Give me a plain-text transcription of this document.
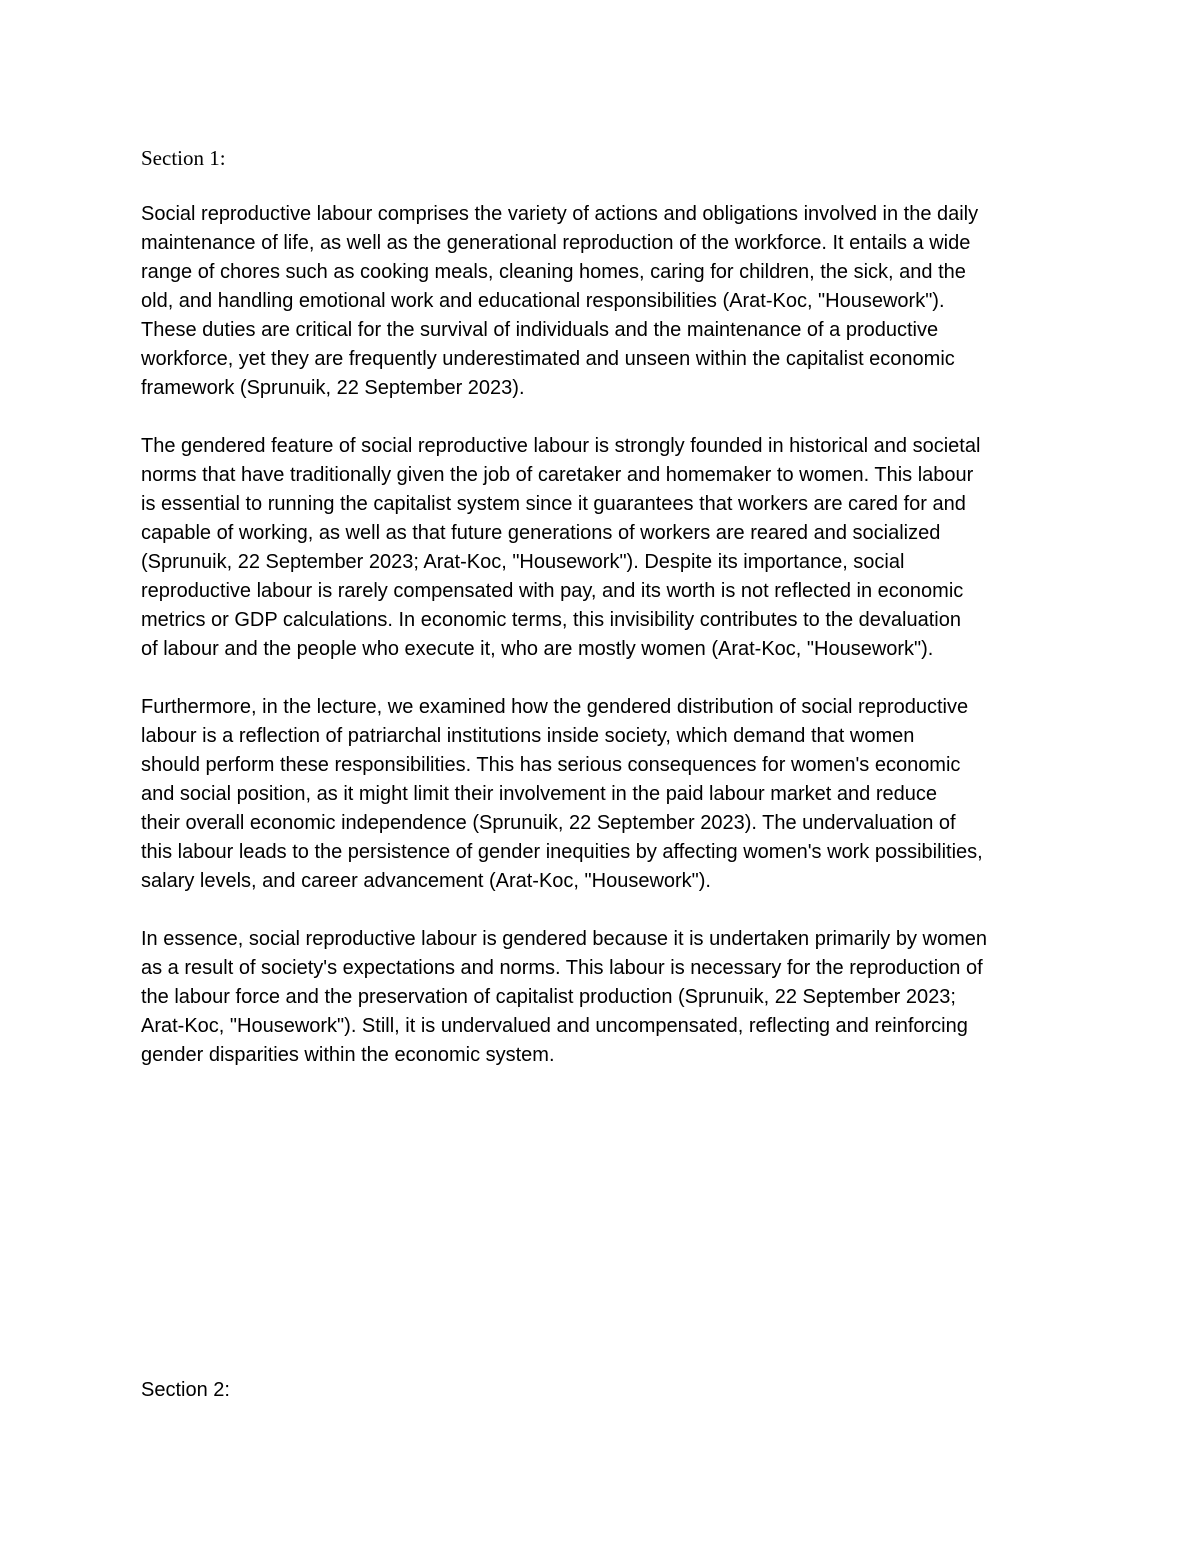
Section 1:

Social reproductive labour comprises the variety of actions and obligations involved in the daily
maintenance of life, as well as the generational reproduction of the workforce. It entails a wide
range of chores such as cooking meals, cleaning homes, caring for children, the sick, and the
old, and handling emotional work and educational responsibilities (Arat-Koc, "Housework").
These duties are critical for the survival of individuals and the maintenance of a productive
workforce, yet they are frequently underestimated and unseen within the capitalist economic
framework (Sprunuik, 22 September 2023).

The gendered feature of social reproductive labour is strongly founded in historical and societal
norms that have traditionally given the job of caretaker and homemaker to women. This labour
is essential to running the capitalist system since it guarantees that workers are cared for and
capable of working, as well as that future generations of workers are reared and socialized
(Sprunuik, 22 September 2023; Arat-Koc, "Housework"). Despite its importance, social
reproductive labour is rarely compensated with pay, and its worth is not reflected in economic
metrics or GDP calculations. In economic terms, this invisibility contributes to the devaluation
of labour and the people who execute it, who are mostly women (Arat-Koc, "Housework").

Furthermore, in the lecture, we examined how the gendered distribution of social reproductive
labour is a reflection of patriarchal institutions inside society, which demand that women
should perform these responsibilities. This has serious consequences for women's economic
and social position, as it might limit their involvement in the paid labour market and reduce
their overall economic independence (Sprunuik, 22 September 2023). The undervaluation of
this labour leads to the persistence of gender inequities by affecting women's work possibilities,
salary levels, and career advancement (Arat-Koc, "Housework").

In essence, social reproductive labour is gendered because it is undertaken primarily by women
as a result of society's expectations and norms. This labour is necessary for the reproduction of
the labour force and the preservation of capitalist production (Sprunuik, 22 September 2023;
Arat-Koc, "Housework"). Still, it is undervalued and uncompensated, reflecting and reinforcing
gender disparities within the economic system.

Section 2:
